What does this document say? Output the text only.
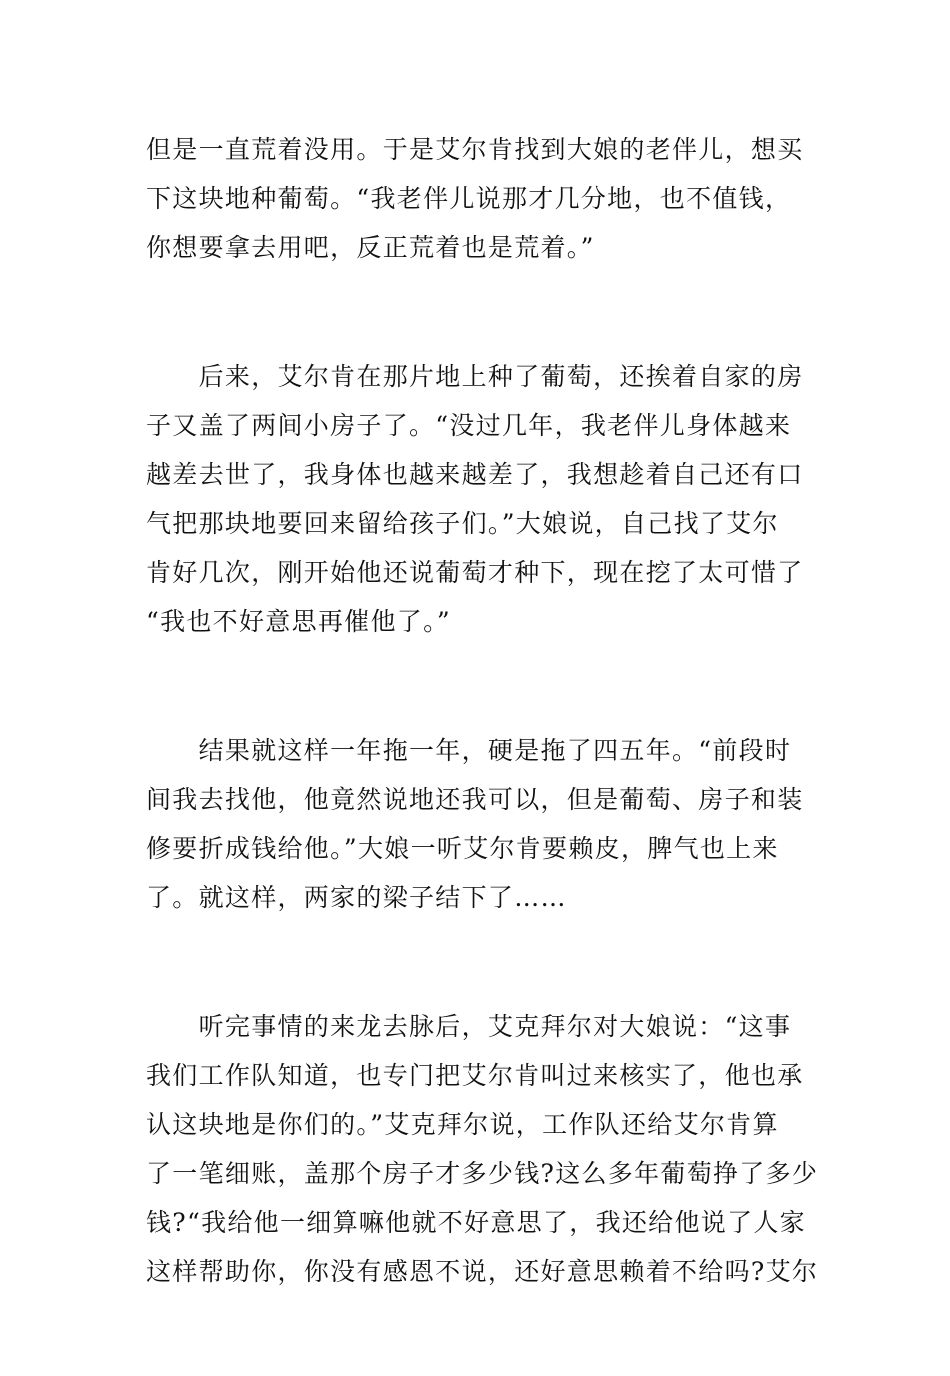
但是一直荒着没用。于是艾尔肯找到大娘的老伴儿，想买
下这块地种葡萄。“我老伴儿说那才几分地，也不值钱，
你想要拿去用吧，反正荒着也是荒着。”

　　后来，艾尔肯在那片地上种了葡萄，还挨着自家的房
子又盖了两间小房子了。“没过几年，我老伴儿身体越来
越差去世了，我身体也越来越差了，我想趁着自己还有口
气把那块地要回来留给孩子们。”大娘说，自己找了艾尔
肯好几次，刚开始他还说葡萄才种下，现在挖了太可惜了
“我也不好意思再催他了。”

　　结果就这样一年拖一年，硬是拖了四五年。“前段时
间我去找他，他竟然说地还我可以，但是葡萄、房子和装
修要折成钱给他。”大娘一听艾尔肯要赖皮，脾气也上来
了。就这样，两家的梁子结下了……

　　听完事情的来龙去脉后，艾克拜尔对大娘说：“这事
我们工作队知道，也专门把艾尔肯叫过来核实了，他也承
认这块地是你们的。”艾克拜尔说，工作队还给艾尔肯算
了一笔细账，盖那个房子才多少钱?这么多年葡萄挣了多少
钱?“我给他一细算嘛他就不好意思了，我还给他说了人家
这样帮助你，你没有感恩不说，还好意思赖着不给吗?艾尔
